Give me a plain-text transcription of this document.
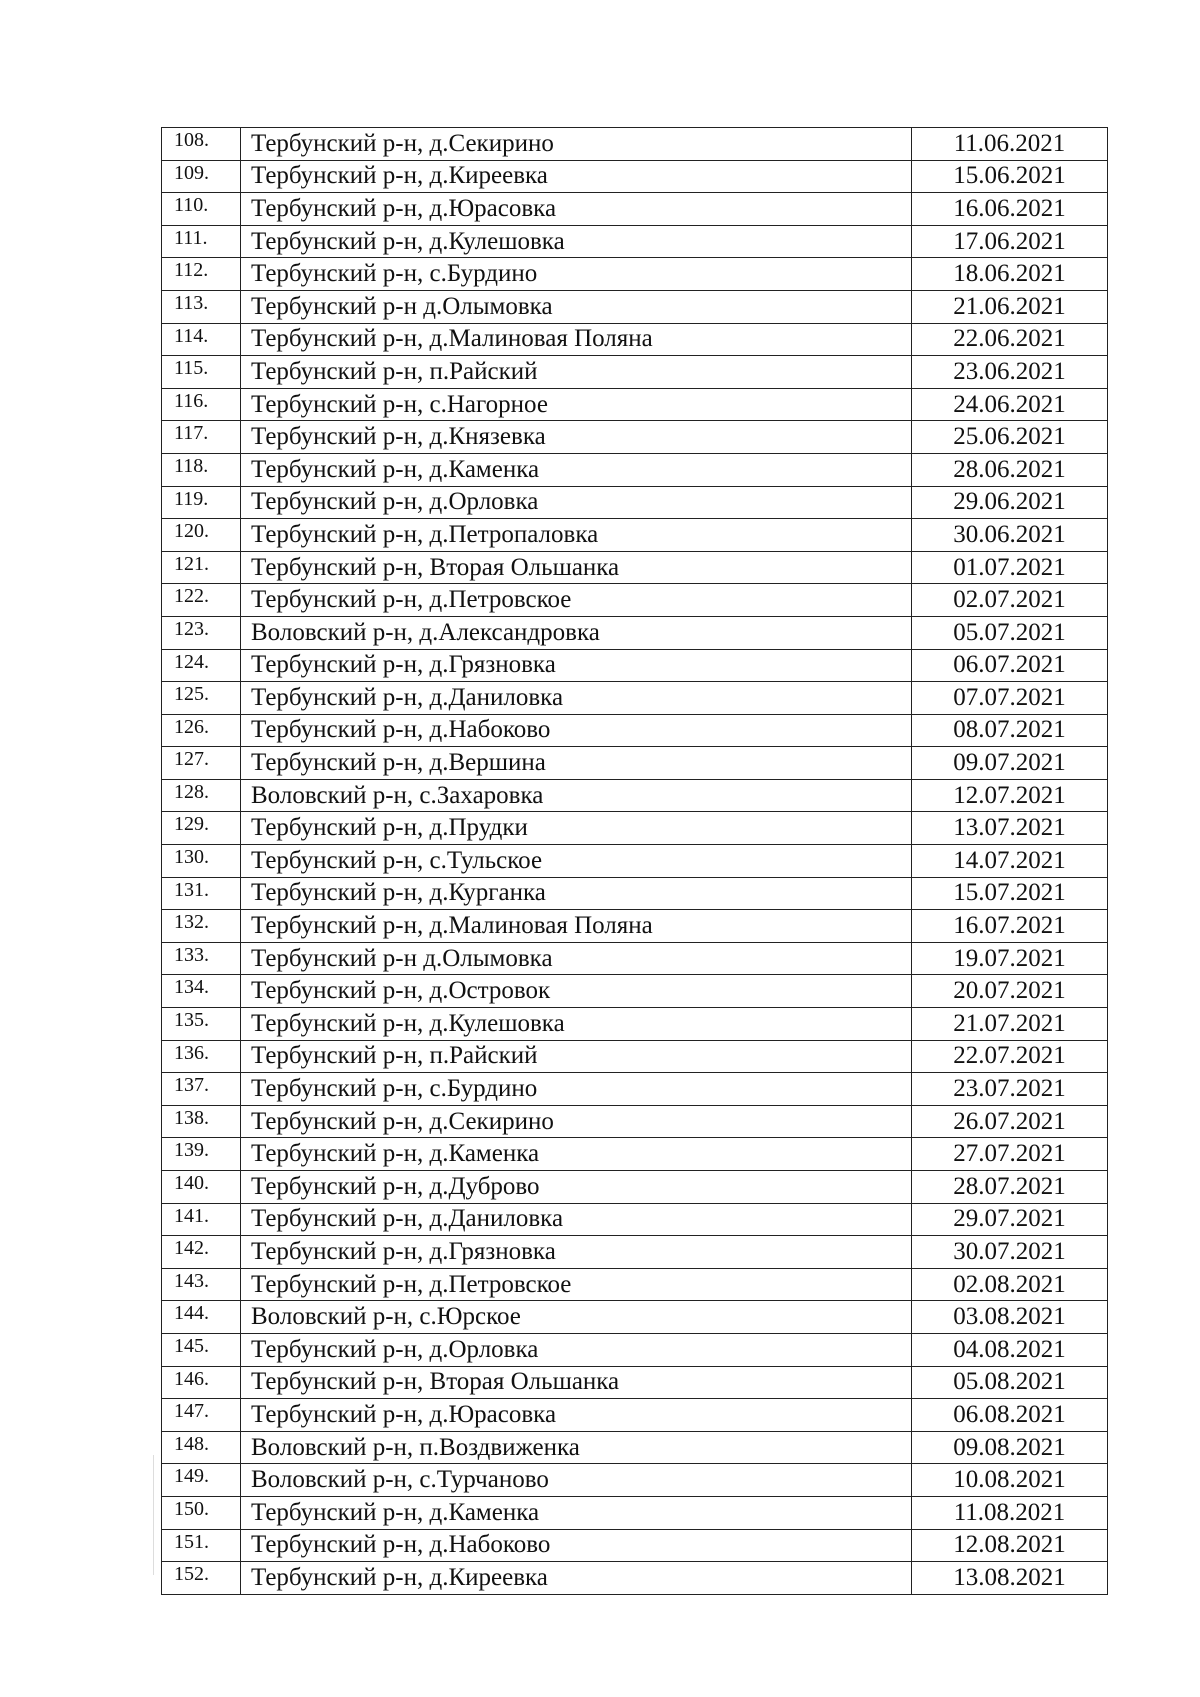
108.	Тербунский р-н, д.Секирино	11.06.2021
109.	Тербунский р-н, д.Киреевка	15.06.2021
110.	Тербунский р-н, д.Юрасовка	16.06.2021
111.	Тербунский р-н, д.Кулешовка	17.06.2021
112.	Тербунский р-н, с.Бурдино	18.06.2021
113.	Тербунский р-н д.Олымовка	21.06.2021
114.	Тербунский р-н, д.Малиновая Поляна	22.06.2021
115.	Тербунский р-н, п.Райский	23.06.2021
116.	Тербунский р-н, с.Нагорное	24.06.2021
117.	Тербунский р-н, д.Князевка	25.06.2021
118.	Тербунский р-н, д.Каменка	28.06.2021
119.	Тербунский р-н, д.Орловка	29.06.2021
120.	Тербунский р-н, д.Петропаловка	30.06.2021
121.	Тербунский р-н, Вторая Ольшанка	01.07.2021
122.	Тербунский р-н, д.Петровское	02.07.2021
123.	Воловский р-н, д.Александровка	05.07.2021
124.	Тербунский р-н, д.Грязновка	06.07.2021
125.	Тербунский р-н, д.Даниловка	07.07.2021
126.	Тербунский р-н, д.Набоково	08.07.2021
127.	Тербунский р-н, д.Вершина	09.07.2021
128.	Воловский р-н, с.Захаровка	12.07.2021
129.	Тербунский р-н, д.Прудки	13.07.2021
130.	Тербунский р-н, с.Тульское	14.07.2021
131.	Тербунский р-н, д.Курганка	15.07.2021
132.	Тербунский р-н, д.Малиновая Поляна	16.07.2021
133.	Тербунский р-н д.Олымовка	19.07.2021
134.	Тербунский р-н, д.Островок	20.07.2021
135.	Тербунский р-н, д.Кулешовка	21.07.2021
136.	Тербунский р-н, п.Райский	22.07.2021
137.	Тербунский р-н, с.Бурдино	23.07.2021
138.	Тербунский р-н, д.Секирино	26.07.2021
139.	Тербунский р-н, д.Каменка	27.07.2021
140.	Тербунский р-н, д.Дуброво	28.07.2021
141.	Тербунский р-н, д.Даниловка	29.07.2021
142.	Тербунский р-н, д.Грязновка	30.07.2021
143.	Тербунский р-н, д.Петровское	02.08.2021
144.	Воловский р-н, с.Юрское	03.08.2021
145.	Тербунский р-н, д.Орловка	04.08.2021
146.	Тербунский р-н, Вторая Ольшанка	05.08.2021
147.	Тербунский р-н, д.Юрасовка	06.08.2021
148.	Воловский р-н, п.Воздвиженка	09.08.2021
149.	Воловский р-н, с.Турчаново	10.08.2021
150.	Тербунский р-н, д.Каменка	11.08.2021
151.	Тербунский р-н, д.Набоково	12.08.2021
152.	Тербунский р-н, д.Киреевка	13.08.2021
